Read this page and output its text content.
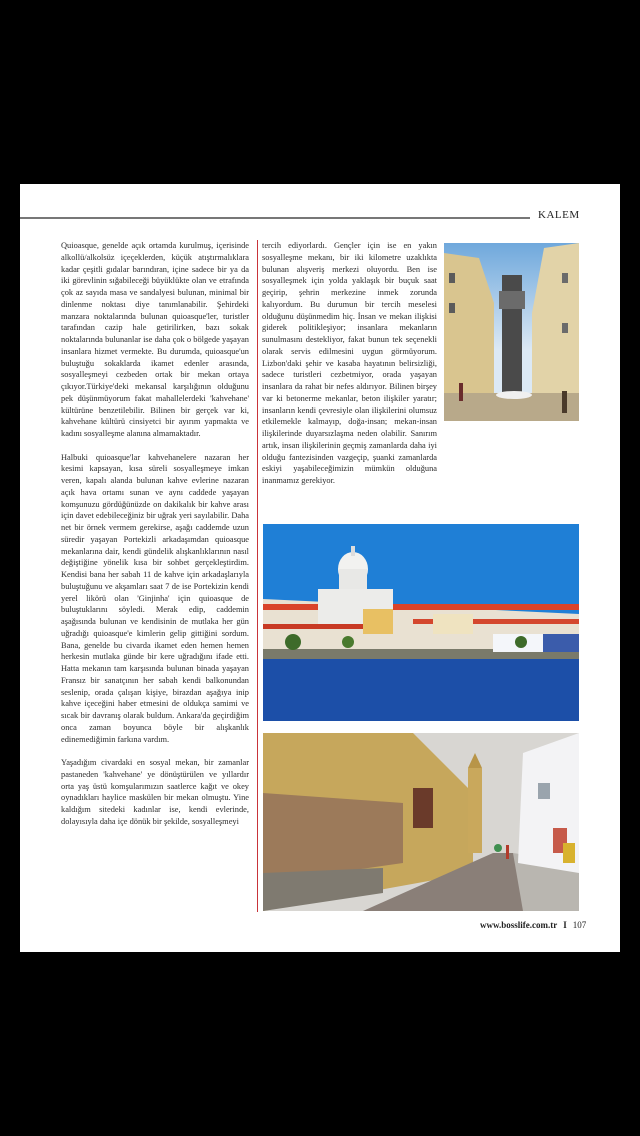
KALEM

Quioasque, genelde açık ortamda kurulmuş, içerisinde alkollü/alkolsüz içeçeklerden, küçük atıştırmalıklara kadar çeşitli gıdalar barındıran, içine sadece bir ya da iki görevlinin sığabileceği büyüklükte olan ve etrafında çok az sayıda masa ve sandalyesi bulunan, minimal bir dinlenme noktası diye tanımlanabilir. Şehirdeki manzara noktalarında bulunan quioasque'ler, turistler tarafından cazip hale getirilirken, bazı sokak noktalarında bulunanlar ise daha çok o bölgede yaşayan insanlara hizmet vermekte. Bu durumda, quioasque'un buluştuğu sokaklarda ikamet edenler arasında, sosyalleşmeyi cezbeden ortak bir mekan ortaya çıkıyor.Türkiye'deki mekansal karşılığının olduğunu pek düşünmüyorum fakat mahallelerdeki 'kahvehane' kültürüne benzetilebilir. Bilinen bir gerçek var ki, kahvehane kültürü cinsiyetci bir ayırım yapmakta ve kadını sosyalleşme alanına almamaktadır.

Halbuki quioasque'lar kahvehanelere nazaran her kesimi kapsayan, kısa süreli sosyalleşmeye imkan veren, kapalı alanda bulunan kahve evlerine nazaran açık hava ortamı sunan ve aynı caddede yaşayan komşunuzu gördüğünüzde on dakikalık bir kahve arası için davet edebileceğiniz bir uğrak yeri sayılabilir. Daha net bir örnek vermem gerekirse, aşağı caddemde uzun süredir yaşayan Portekizli arkadaşımdan quioasque mekanlarına dair, kendi gündelik alışkanlıklarının nasıl değiştiğine yönelik kısa bir sohbet gerçekleştirdim. Kendisi bana her sabah 11 de kahve için arkadaşlarıyla buluştuğunu ve akşamları saat 7 de ise Portekizin kendi yerel likörü olan 'Ginjinha' için quioasque de buluştuklarını söyledi. Merak edip, caddemin aşağısında bulunan ve kendisinin de mutlaka her gün uğradığı quioasque'e kimlerin gelip gittiğini sordum. Bana, genelde bu civarda ikamet eden hemen hemen herkesin mutlaka günde bir kere uğradığını ifade etti. Hatta mekanın tam karşısında bulunan binada yaşayan Fransız bir sanatçının her sabah kendi balkonundan seslenip, orada çalışan kişiye, birazdan aşağıya inip kahve içeceğini haber etmesini de oldukça samimi ve sıcak bir davranış olarak buldum. Ankara'da geçirdiğim onca zaman boyunca böyle bir alışkanlık edinemediğimin farkına vardım.

Yaşadığım civardaki en sosyal mekan, bir zamanlar pastaneden 'kahvehane' ye dönüştürülen ve yıllardır orta yaş üstü komşularımızın saatlerce kağıt ve okey oynadıkları haylice maskülen bir mekan olmuştu. Yine kaldığım sitedeki kadınlar ise, kendi evlerinde, dolayısıyla daha içe dönük bir şekilde, sosyalleşmeyi

tercih ediyorlardı. Gençler için ise en yakın sosyalleşme mekanı, bir iki kilometre uzaklıkta bulunan alışveriş merkezi oluyordu. Ben ise sosyalleşmek için yolda yaklaşık bir buçuk saat geçirip, şehrin merkezine inmek zorunda kalıyordum. Bu durumun bir tercih meselesi olduğunu düşünmedim hiç. İnsan ve mekan ilişkisi giderek politikleşiyor; insanlara mekanların sunulmasını destekliyor, fakat bunun tek seçenekli olarak servis edilmesini uygun görmüyorum. Lizbon'daki şehir ve kasaba hayatının belirsizliği, sadece turistleri cezbetmiyor, orada yaşayan insanlara da rahat bir nefes aldırıyor. Bilinen birşey var ki betonerme mekanlar, beton ilişkiler yaratır; insanların kendi çevresiyle olan ilişkilerini olumsuz etkilemekle kalmayıp, doğa-insan; mekan-insan ilişkilerinde duyarsızlaşma neden olabilir. Sanırım artık, insan ilişkilerinin geçmiş zamanlarda daha iyi olduğu fantezisinden vazgeçip, şuanki zamanlarda eskiyi yaşabileceğimizin mümkün olduğuna inanmamız gerekiyor.

www.bosslife.com.tr I 107
